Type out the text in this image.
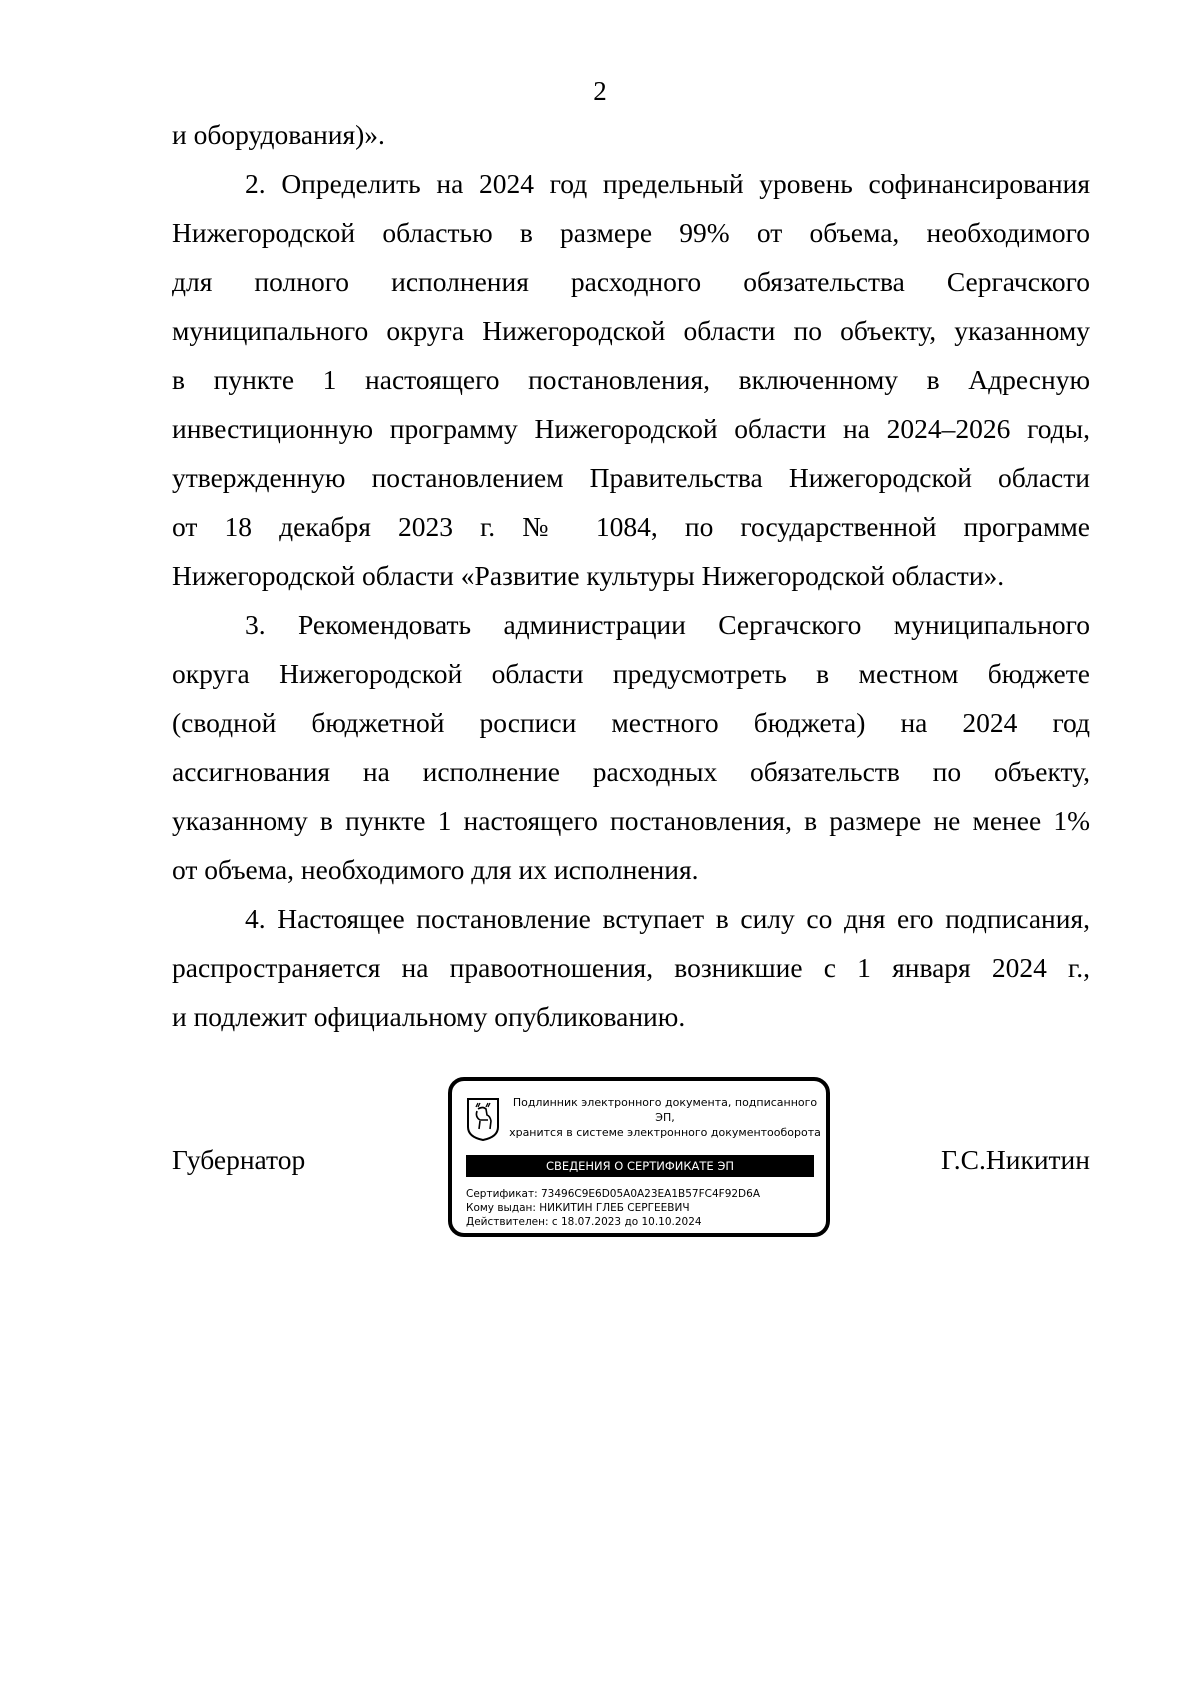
2
и оборудования)».
2. Определить на 2024 год предельный уровень софинансирования
Нижегородской областью в размере 99% от объема, необходимого
для полного исполнения расходного обязательства Сергачского
муниципального округа Нижегородской области по объекту, указанному
в пункте 1 настоящего постановления, включенному в Адресную
инвестиционную программу Нижегородской области на 2024–2026 годы,
утвержденную постановлением Правительства Нижегородской области
от 18 декабря 2023 г. № 1084, по государственной программе
Нижегородской области «Развитие культуры Нижегородской области».
3. Рекомендовать администрации Сергачского муниципального
округа Нижегородской области предусмотреть в местном бюджете
(сводной бюджетной росписи местного бюджета) на 2024 год
ассигнования на исполнение расходных обязательств по объекту,
указанному в пункте 1 настоящего постановления, в размере не менее 1%
от объема, необходимого для их исполнения.
4. Настоящее постановление вступает в силу со дня его подписания,
распространяется на правоотношения, возникшие с 1 января 2024 г.,
и подлежит официальному опубликованию.
Губернатор
Подлинник электронного документа, подписанного ЭП,
хранится в системе электронного документооборота
СВЕДЕНИЯ О СЕРТИФИКАТЕ ЭП
Сертификат: 73496C9E6D05A0A23EA1B57FC4F92D6A
Кому выдан: НИКИТИН ГЛЕБ СЕРГЕЕВИЧ
Действителен: с 18.07.2023 до 10.10.2024
Г.С.Никитин
